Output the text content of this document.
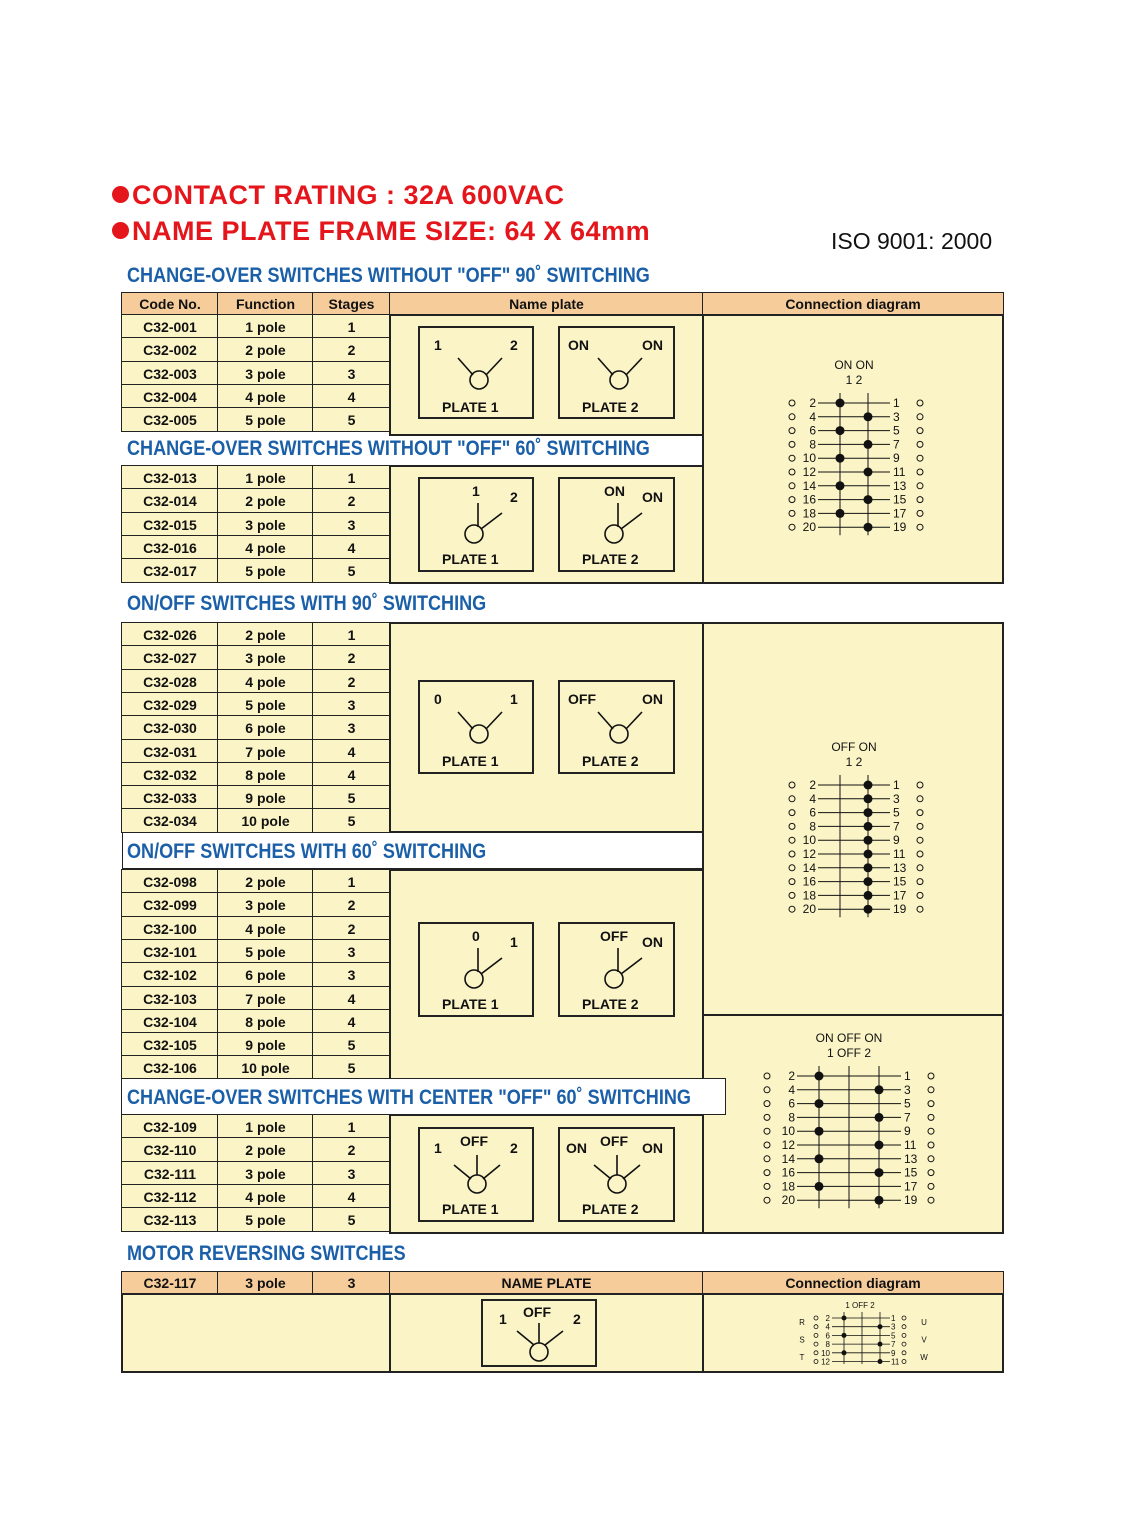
CONTACT RATING : 32A 600VAC
NAME PLATE FRAME SIZE: 64 X 64mm	ISO 9001: 2000
CHANGE-OVER SWITCHES WITHOUT "OFF" 90˚ SWITCHING
Code No.	Function	Stages	Name plate	Connection diagram
C32-001	1 pole	1
C32-002	2 pole	2
C32-003	3 pole	3
C32-004	4 pole	4
C32-005	5 pole	5
C32-013	1 pole	1
C32-014	2 pole	2
C32-015	3 pole	3
C32-016	4 pole	4
C32-017	5 pole	5
C32-026	2 pole	1
C32-027	3 pole	2
C32-028	4 pole	2
C32-029	5 pole	3
C32-030	6 pole	3
C32-031	7 pole	4
C32-032	8 pole	4
C32-033	9 pole	5
C32-034	10 pole	5
C32-098	2 pole	1
C32-099	3 pole	2
C32-100	4 pole	2
C32-101	5 pole	3
C32-102	6 pole	3
C32-103	7 pole	4
C32-104	8 pole	4
C32-105	9 pole	5
C32-106	10 pole	5
C32-109	1 pole	1
C32-110	2 pole	2
C32-111	3 pole	3
C32-112	4 pole	4
C32-113	5 pole	5
CHANGE-OVER SWITCHES WITHOUT "OFF" 60˚ SWITCHING
ON/OFF SWITCHES WITH 90˚ SWITCHING
ON/OFF SWITCHES WITH 60˚ SWITCHING
CHANGE-OVER SWITCHES WITH CENTER "OFF" 60˚ SWITCHING
1	2
PLATE 1
ON	ON
PLATE 2
1 2
PLATE 1
ON ON
PLATE 2
0	1
PLATE 1
OFF	ON
PLATE 2
0 1
PLATE 1
OFF ON
PLATE 2
1 OFF 2
PLATE 1
ON OFF ON
PLATE 2
ON ON
1 2
2	1
4	3
6	5
8	7
10	9
12	11
14	13
16	15
18	17
20	19
OFF ON
1 2
2	1
4	3
6	5
8	7
10	9
12	11
14	13
16	15
18	17
20	19
ON OFF ON
1 OFF 2
2	1
4	3
6	5
8	7
10	9
12	11
14	13
16	15
18	17
20	19
MOTOR REVERSING SWITCHES
C32-117	3 pole	3	NAME PLATE	Connection diagram
1 OFF 2
1 OFF 2
2	1
4	3
6	5
8	7
10	9
12	11
R
S
T
U
V
W
